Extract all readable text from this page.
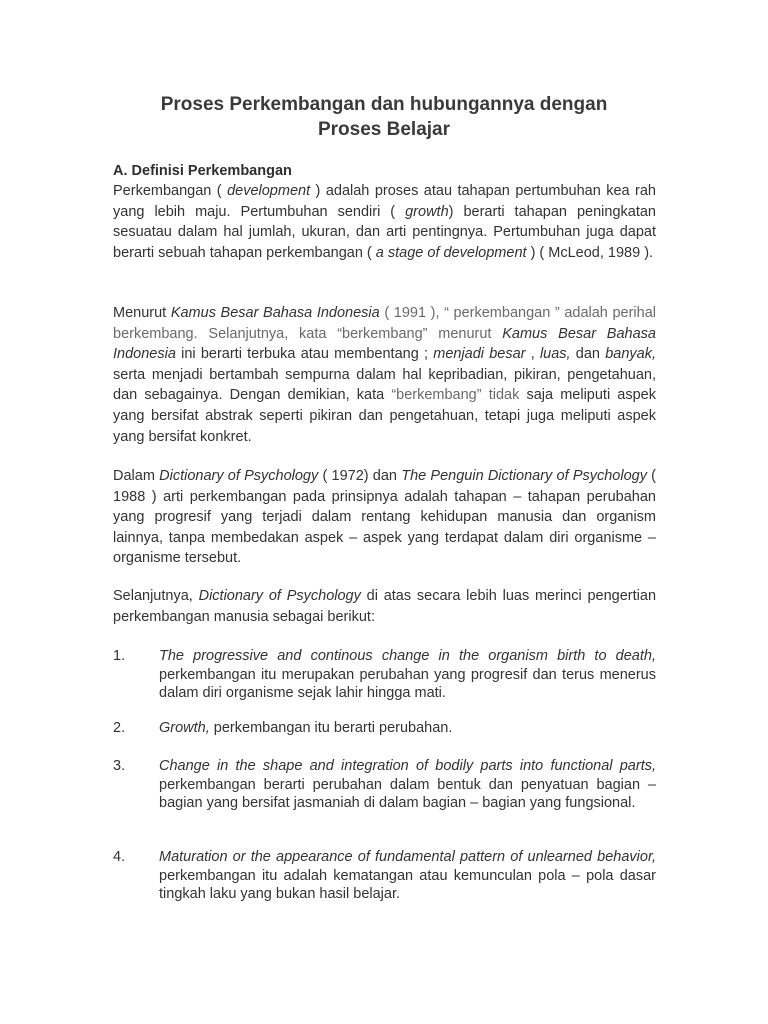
Proses Perkembangan dan hubungannya dengan
Proses Belajar
A. Definisi Perkembangan
Perkembangan ( development ) adalah proses atau tahapan pertumbuhan kea rah yang lebih maju. Pertumbuhan sendiri ( growth) berarti tahapan peningkatan sesuatau dalam hal jumlah, ukuran, dan arti pentingnya. Pertumbuhan juga dapat berarti sebuah tahapan perkembangan ( a stage of development ) ( McLeod, 1989 ).
Menurut Kamus Besar Bahasa Indonesia ( 1991 ), “ perkembangan ” adalah perihal berkembang. Selanjutnya, kata “berkembang” menurut Kamus Besar Bahasa Indonesia ini berarti terbuka atau membentang ; menjadi besar , luas, dan banyak, serta menjadi bertambah sempurna dalam hal kepribadian, pikiran, pengetahuan, dan sebagainya. Dengan demikian, kata “berkembang” tidak saja meliputi aspek yang bersifat abstrak seperti pikiran dan pengetahuan, tetapi juga meliputi aspek yang bersifat konkret.
Dalam Dictionary of Psychology ( 1972) dan The Penguin Dictionary of Psychology ( 1988 ) arti perkembangan pada prinsipnya adalah tahapan – tahapan perubahan yang progresif yang terjadi dalam rentang kehidupan manusia dan organism lainnya, tanpa membedakan aspek – aspek yang terdapat dalam diri organisme – organisme tersebut.
Selanjutnya, Dictionary of Psychology di atas secara lebih luas merinci pengertian perkembangan manusia sebagai berikut:
1. The progressive and continous change in the organism birth to death, perkembangan itu merupakan perubahan yang progresif dan terus menerus dalam diri organisme sejak lahir hingga mati.
2. Growth, perkembangan itu berarti perubahan.
3. Change in the shape and integration of bodily parts into functional parts, perkembangan berarti perubahan dalam bentuk dan penyatuan bagian – bagian yang bersifat jasmaniah di dalam bagian – bagian yang fungsional.
4. Maturation or the appearance of fundamental pattern of unlearned behavior, perkembangan itu adalah kematangan atau kemunculan pola – pola dasar tingkah laku yang bukan hasil belajar.
